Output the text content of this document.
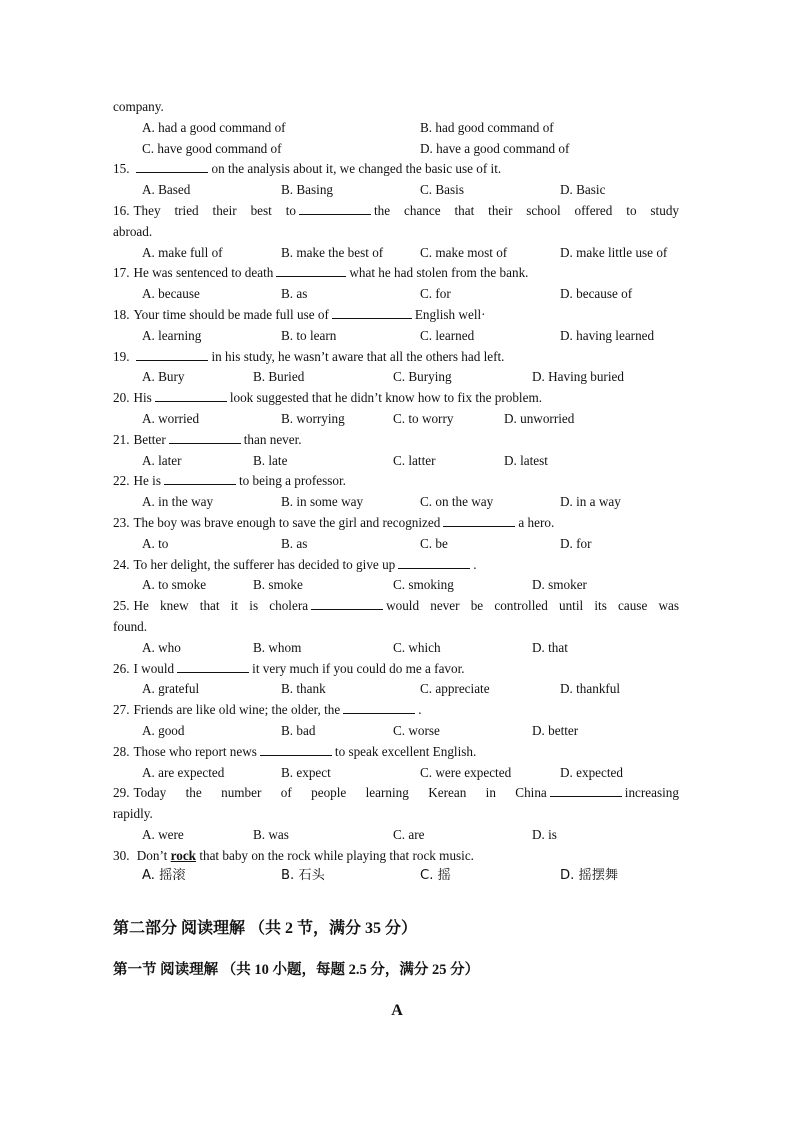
company.
A. had a good command of	B. had good command of
C. have good command of	D. have a good command of
15.	on the analysis about it, we changed the basic use of it.
A. Based	B. Basing	C. Basis	D. Basic
16. They tried their best to	the chance that their school offered to study
abroad.
A. make full of	B. make the best of	C. make most of	D. make little use of
17. He was sentenced to death	what he had stolen from the bank.
A. because	B. as	C. for	D. because of
18. Your time should be made full use of	English well·
A. learning	B. to learn	C. learned	D. having learned
19.	in his study, he wasn’t aware that all the others had left.
A. Bury	B. Buried	C. Burying	D. Having buried
20. His	look suggested that he didn’t know how to fix the problem.
A. worried	B. worrying	C. to worry	D. unworried
21. Better	than never.
A. later	B. late	C. latter	D. latest
22. He is	to being a professor.
A. in the way	B. in some way	C. on the way	D. in a way
23. The boy was brave enough to save the girl and recognized	a hero.
A. to	B. as	C. be	D. for
24. To her delight, the sufferer has decided to give up	.
A. to smoke	B. smoke	C. smoking	D. smoker
25. He knew that it is cholera	would never be controlled until its cause was
found.
A. who	B. whom	C. which	D. that
26. I would	it very much if you could do me a favor.
A. grateful	B. thank	C. appreciate	D. thankful
27. Friends are like old wine; the older, the	.
A. good	B. bad	C. worse	D. better
28. Those who report news	to speak excellent English.
A. are expected	B. expect	C. were expected	D. expected
29. Today the number of people learning Kerean in China	increasing
rapidly.
A. were	B. was	C. are	D. is
30. Don’t rock that baby on the rock while playing that rock music.
A. 摇滚	B. 石头	C. 摇	D. 摇摆舞
第二部分 阅读理解 （共 2 节，满分 35 分）
第一节 阅读理解 （共 10 小题，每题 2.5 分，满分 25 分）
A
